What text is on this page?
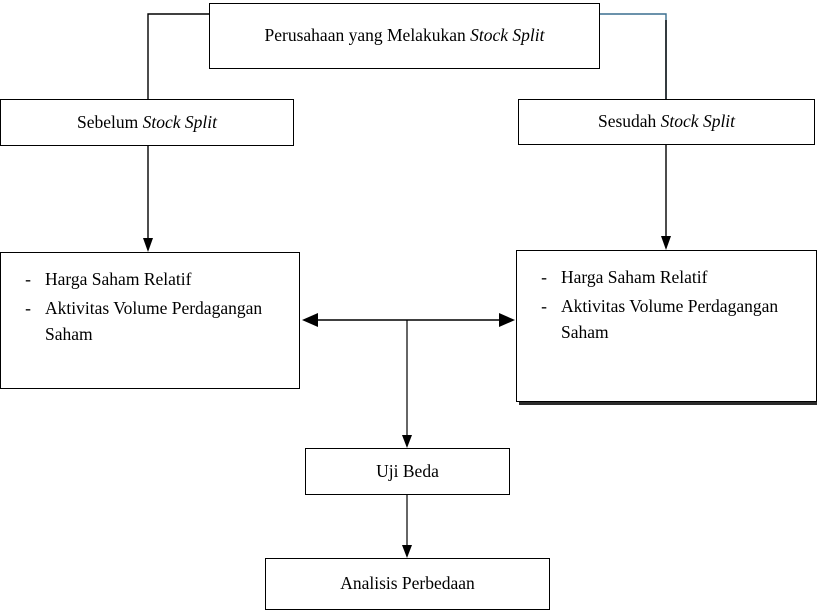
Perusahaan yang Melakukan Stock Split
Sebelum Stock Split	Sesudah Stock Split
- Harga Saham Relatif
- Aktivitas Volume Perdagangan Saham
- Harga Saham Relatif
- Aktivitas Volume Perdagangan Saham
Uji Beda
Analisis Perbedaan
